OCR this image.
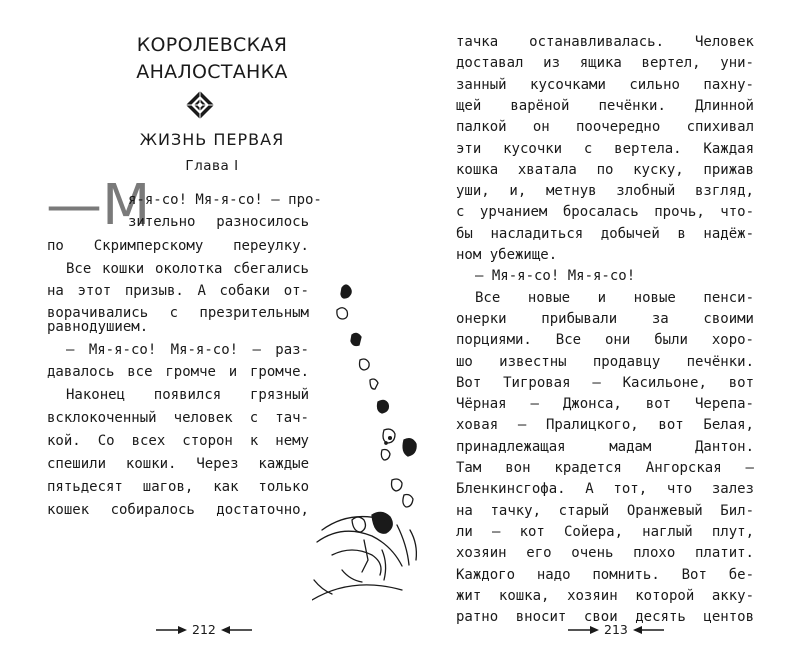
КОРОЛЕВСКАЯ
АНАЛОСТАНКА
ЖИЗНЬ ПЕРВАЯ
Глава I
—М
я-я-со! Мя-я-со! — про-
зительно разносилось
по Скримперскому переулку.
Все кошки околотка сбегались
на этот призыв. А собаки от-
ворачивались с презрительным
равнодушием.
— Мя-я-со! Мя-я-со! — раз-
давалось все громче и громче.
Наконец появился грязный
всклокоченный человек с тач-
кой. Со всех сторон к нему
спешили кошки. Через каждые
пятьдесят шагов, как только
кошек собиралось достаточно,
212	213
тачка останавливалась. Человек
доставал из ящика вертел, уни-
занный кусочками сильно пахну-
щей варёной печёнки. Длинной
палкой он поочередно спихивал
эти кусочки с вертела. Каждая
кошка хватала по куску, прижав
уши, и, метнув злобный взгляд,
с урчанием бросалась прочь, что-
бы насладиться добычей в надёж-
ном убежище.
— Мя-я-со! Мя-я-со!
Все новые и новые пенси-
онерки прибывали за своими
порциями. Все они были хоро-
шо известны продавцу печёнки.
Вот Тигровая — Касильоне, вот
Чёрная — Джонса, вот Черепа-
ховая — Пралицкого, вот Белая,
принадлежащая мадам Дантон.
Там вон крадется Ангорская —
Бленкинсгофа. А тот, что залез
на тачку, старый Оранжевый Бил-
ли — кот Сойера, наглый плут,
хозяин его очень плохо платит.
Каждого надо помнить. Вот бе-
жит кошка, хозяин которой акку-
ратно вносит свои десять центов
